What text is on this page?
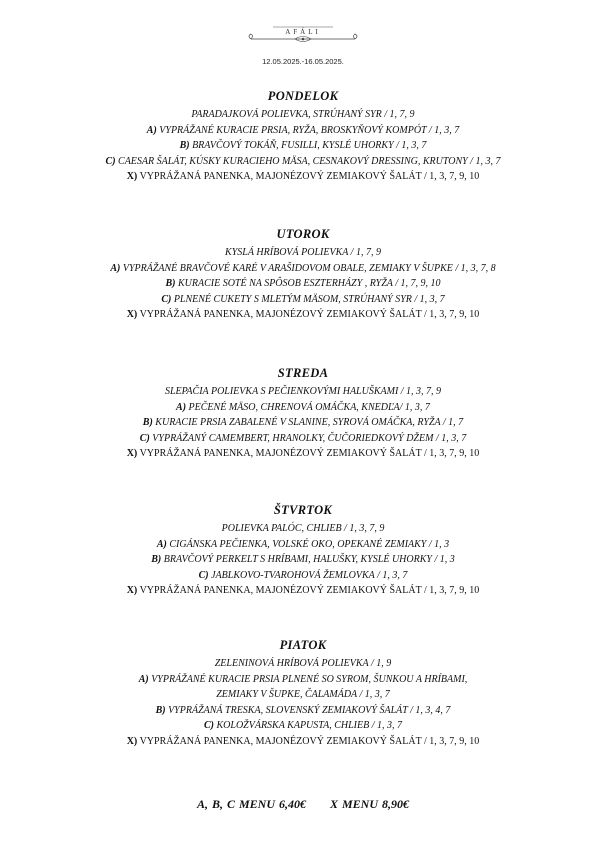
AFÁLI
12.05.2025.-16.05.2025.
PONDELOK
PARADAJKOVÁ POLIEVKA, STRÚHANÝ SYR / 1, 7, 9
A) VYPRÁŽANÉ KURACIE PRSIA, RYŽA, BROSKYŇOVÝ KOMPÓT / 1, 3, 7
B) BRAVČOVÝ TOKÁŇ, FUSILLI, KYSLÉ UHORKY / 1, 3, 7
C) CAESAR ŠALÁT, KÚSKY KURACIEHO MÄSA, CESNAKOVÝ DRESSING, KRUTONY / 1, 3, 7
X) VYPRÁŽANÁ PANENKA, MAJONÉZOVÝ ZEMIAKOVÝ ŠALÁT / 1, 3, 7, 9, 10
UTOROK
KYSLÁ HRÍBOVÁ POLIEVKA / 1, 7, 9
A) VYPRÁŽANÉ BRAVČOVÉ KARÉ V ARAŠIDOVOM OBALE, ZEMIAKY V ŠUPKE / 1, 3, 7, 8
B) KURACIE SOTÉ NA SPÔSOB ESZTERHÁZY , RYŽA / 1, 7, 9, 10
C) PLNENÉ CUKETY S MLETÝM MÄSOM, STRÚHANÝ SYR / 1, 3, 7
X) VYPRÁŽANÁ PANENKA, MAJONÉZOVÝ ZEMIAKOVÝ ŠALÁT / 1, 3, 7, 9, 10
STREDA
SLEPAČIA POLIEVKA S PEČIENKOVÝMI HALUŠKAMI / 1, 3, 7, 9
A) PEČENÉ MÄSO, CHRENOVÁ OMÁČKA, KNEDĽA/ 1, 3, 7
B) KURACIE PRSIA ZABALENÉ V SLANINE, SYROVÁ OMÁČKA, RYŽA / 1, 7
C) VYPRÁŽANÝ CAMEMBERT, HRANOLKY, ČUČORIEDKOVÝ DŽEM / 1, 3, 7
X) VYPRÁŽANÁ PANENKA, MAJONÉZOVÝ ZEMIAKOVÝ ŠALÁT / 1, 3, 7, 9, 10
ŠTVRTOK
POLIEVKA PALÓC, CHLIEB / 1, 3, 7, 9
A) CIGÁNSKA PEČIENKA, VOLSKÉ OKO, OPEKANÉ ZEMIAKY / 1, 3
B) BRAVČOVÝ PERKELT S HRÍBAMI, HALUŠKY, KYSLÉ UHORKY / 1, 3
C) JABLKOVO-TVAROHOVÁ ŽEMLOVKA / 1, 3, 7
X) VYPRÁŽANÁ PANENKA, MAJONÉZOVÝ ZEMIAKOVÝ ŠALÁT / 1, 3, 7, 9, 10
PIATOK
ZELENINOVÁ HRÍBOVÁ POLIEVKA / 1, 9
A) VYPRÁŽANÉ KURACIE PRSIA PLNENÉ SO SYROM, ŠUNKOU A HRÍBAMI,
ZEMIAKY V ŠUPKE, ČALAMÁDA / 1, 3, 7
B) VYPRÁŽANÁ TRESKA, SLOVENSKÝ ZEMIAKOVÝ ŠALÁT / 1, 3, 4, 7
C) KOLOŽVÁRSKA KAPUSTA, CHLIEB / 1, 3, 7
X) VYPRÁŽANÁ PANENKA, MAJONÉZOVÝ ZEMIAKOVÝ ŠALÁT / 1, 3, 7, 9, 10
A, B, C MENU 6,40€ X MENU 8,90€
